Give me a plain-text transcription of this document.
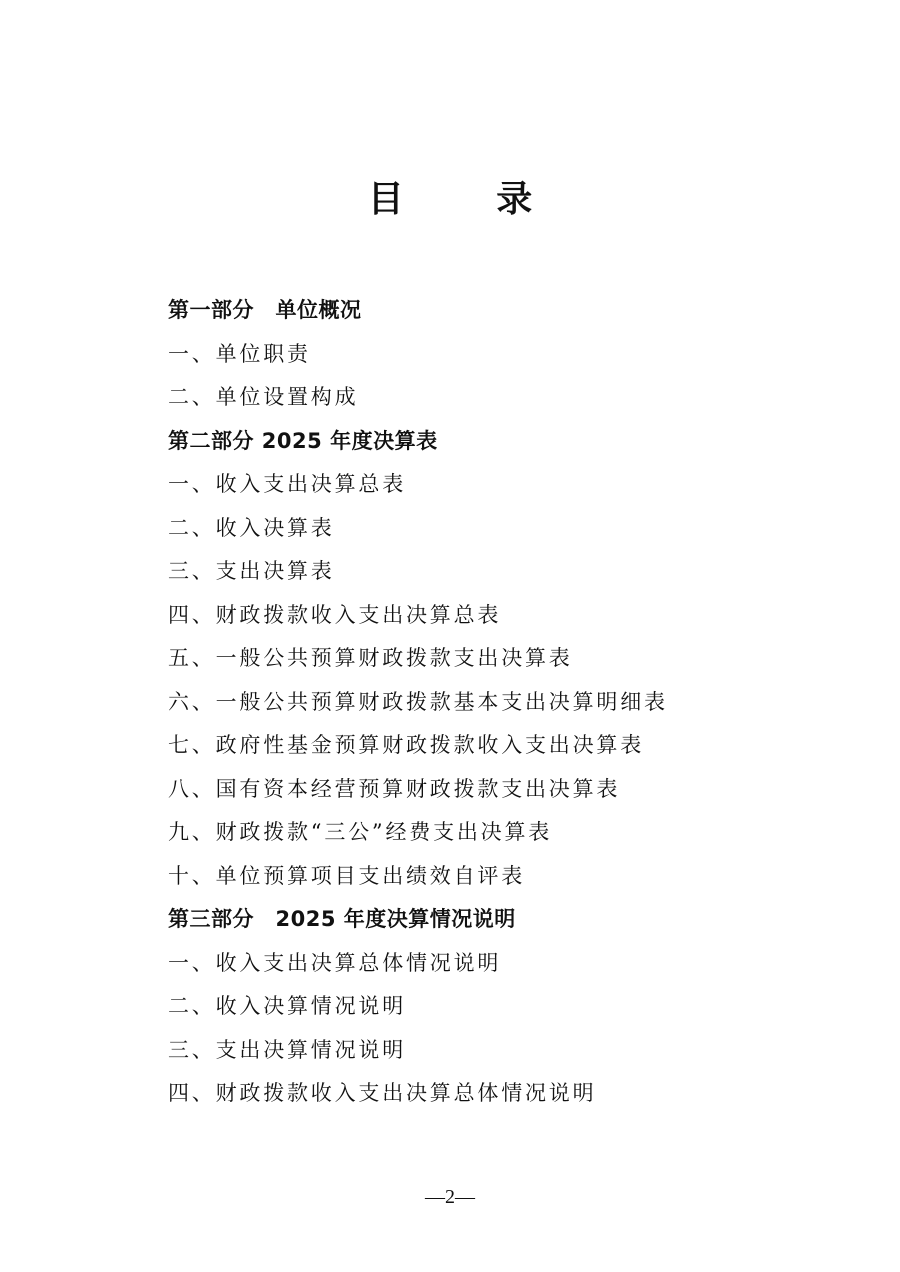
目 录
第一部分　单位概况
一、单位职责
二、单位设置构成
第二部分 2025 年度决算表
一、收入支出决算总表
二、收入决算表
三、支出决算表
四、财政拨款收入支出决算总表
五、一般公共预算财政拨款支出决算表
六、一般公共预算财政拨款基本支出决算明细表
七、政府性基金预算财政拨款收入支出决算表
八、国有资本经营预算财政拨款支出决算表
九、财政拨款“三公”经费支出决算表
十、单位预算项目支出绩效自评表
第三部分　2025 年度决算情况说明
一、收入支出决算总体情况说明
二、收入决算情况说明
三、支出决算情况说明
四、财政拨款收入支出决算总体情况说明
—2—
